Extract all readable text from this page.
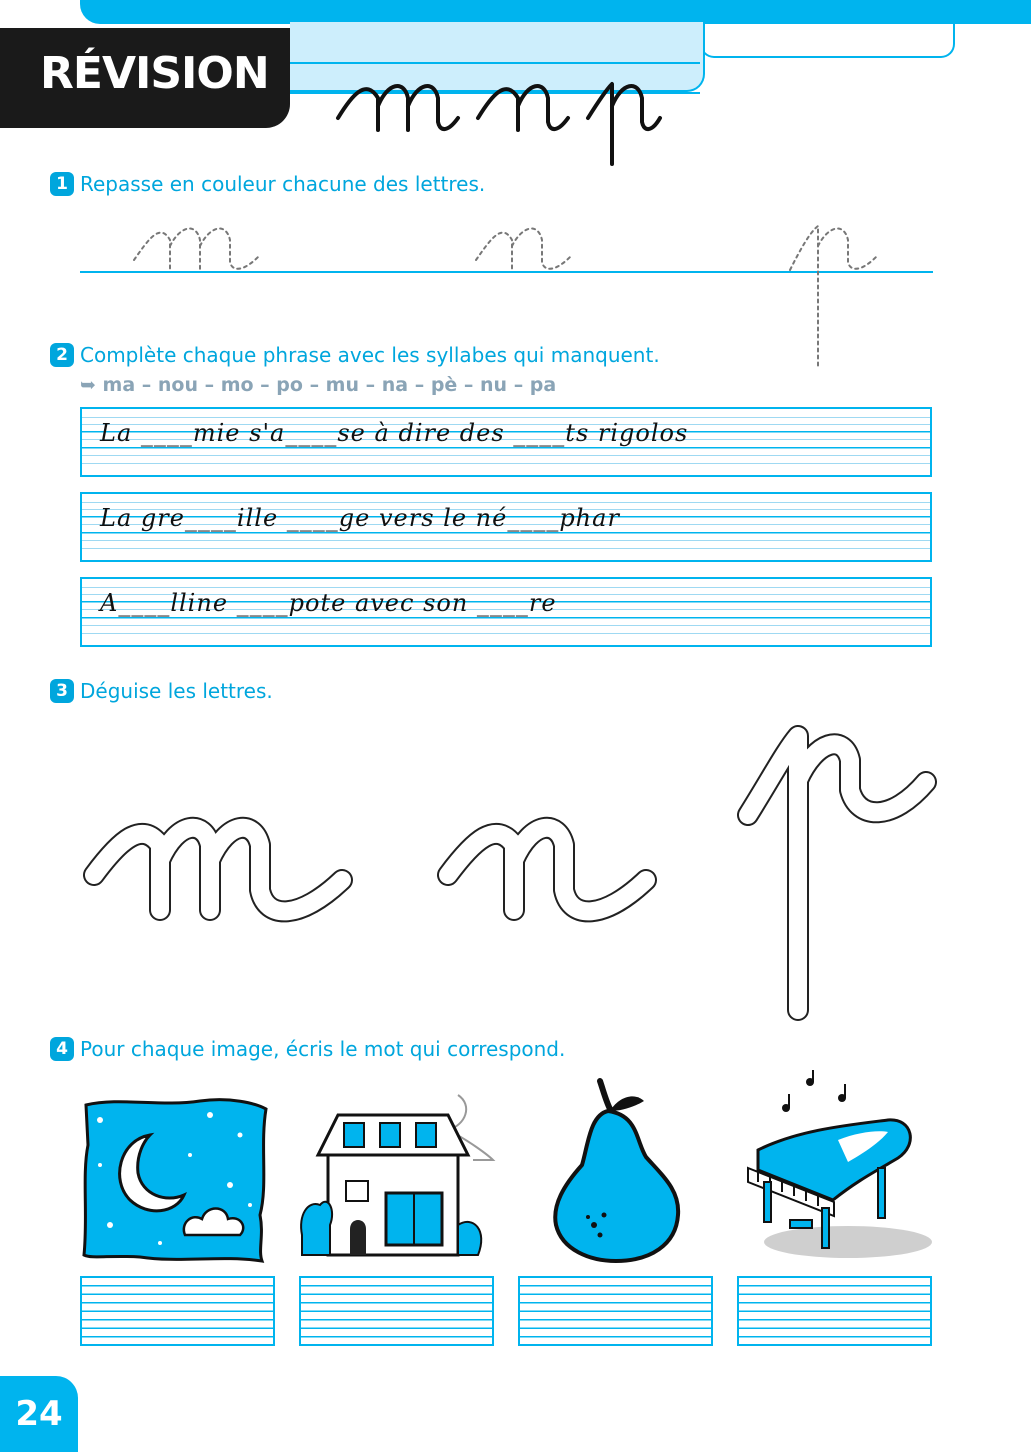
RÉVISION
1 Repasse en couleur chacune des lettres.
2 Complète chaque phrase avec les syllabes qui manquent.
➥ ma – nou – mo – po – mu – na – pè – nu – pa
La ____mie s'a____se à dire des ____ts rigolos
La gre____ille ____ge vers le né____phar
A____lline ____pote avec son ____re
3 Déguise les lettres.
4 Pour chaque image, écris le mot qui correspond.
24
